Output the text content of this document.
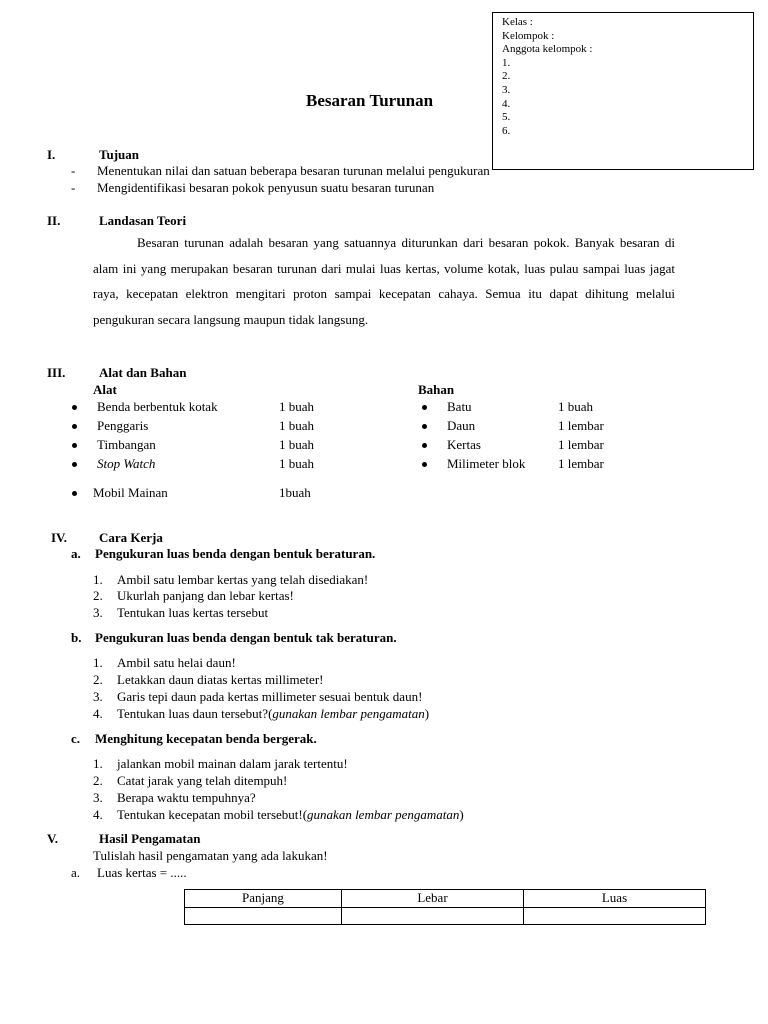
Kelas :
Kelompok :
Anggota kelompok :
1.
2.
3.
4.
5.
6.
Besaran Turunan
I.	Tujuan
- Menentukan nilai dan satuan beberapa besaran turunan melalui pengukuran
- Mengidentifikasi besaran pokok penyusun suatu besaran turunan
II.	Landasan Teori
Besaran turunan adalah besaran yang satuannya diturunkan dari besaran pokok. Banyak besaran di alam ini yang merupakan besaran turunan dari mulai luas kertas, volume kotak, luas pulau sampai luas jagat raya, kecepatan elektron mengitari proton sampai kecepatan cahaya. Semua itu dapat dihitung melalui pengukuran secara langsung maupun tidak langsung.
III.	Alat dan Bahan
Alat	Bahan
Benda berbentuk kotak	1 buah
Penggaris	1 buah
Timbangan	1 buah
Stop Watch	1 buah
Mobil Mainan	1buah
Batu	1 buah
Daun	1 lembar
Kertas	1 lembar
Milimeter blok	1 lembar
IV. Cara Kerja
a. Pengukuran luas benda dengan bentuk beraturan.
1. Ambil satu lembar kertas yang telah disediakan!
2. Ukurlah panjang dan lebar kertas!
3. Tentukan luas kertas tersebut
b. Pengukuran luas benda dengan bentuk tak beraturan.
1. Ambil satu helai daun!
2. Letakkan daun diatas kertas millimeter!
3. Garis tepi daun pada kertas millimeter sesuai bentuk daun!
4. Tentukan luas daun tersebut?(gunakan lembar pengamatan)
c. Menghitung kecepatan benda bergerak.
1. jalankan mobil mainan dalam jarak tertentu!
2. Catat jarak yang telah ditempuh!
3. Berapa waktu tempuhnya?
4. Tentukan kecepatan mobil tersebut!(gunakan lembar pengamatan)
V.	Hasil Pengamatan
Tulislah hasil pengamatan yang ada lakukan!
a. Luas kertas = .....
Panjang	Lebar	Luas
